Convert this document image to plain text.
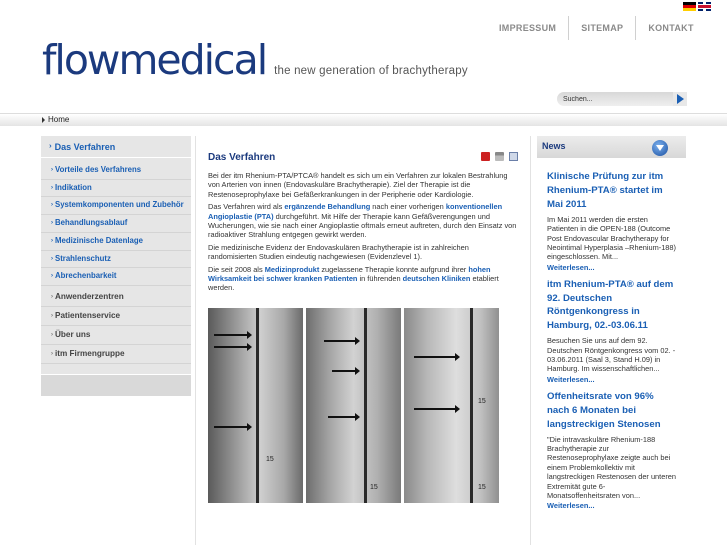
IMPRESSUM	SITEMAP	KONTAKT
flowmedical the new generation of brachytherapy
Suchen...
Home
›› Das Verfahren
Vorteile des Verfahrens
Indikation
Systemkomponenten und Zubehör
Behandlungsablauf
Medizinische Datenlage
Strahlenschutz
Abrechenbarkeit
Anwenderzentren
Patientenservice
Über uns
itm Firmengruppe
Das Verfahren

Bei der itm Rhenium-PTA/PTCA® handelt es sich um ein Verfahren zur lokalen Bestrahlung von Arterien von innen (Endovaskuläre Brachytherapie). Ziel der Therapie ist die Restenoseprophylaxe bei Gefäßerkrankungen in der Peripherie oder Kardiologie.

Das Verfahren wird als ergänzende Behandlung nach einer vorherigen konventionellen Angioplastie (PTA) durchgeführt. Mit Hilfe der Therapie kann Gefäßverengungen und Wucherungen, wie sie nach einer Angioplastie oftmals erneut auftreten, durch den Einsatz von radioaktiver Strahlung entgegen gewirkt werden.

Die medizinische Evidenz der Endovaskulären Brachytherapie ist in zahlreichen randomisierten Studien eindeutig nachgewiesen (Evidenzlevel 1).

Die seit 2008 als Medizinprodukt zugelassene Therapie konnte aufgrund ihrer hohen Wirksamkeit bei schwer kranken Patienten in führenden deutschen Kliniken etabliert werden.

15
15
15
15
News
Klinische Prüfung zur itm Rhenium-PTA® startet im Mai 2011
Im Mai 2011 werden die ersten Patienten in die OPEN-188 (Outcome Post Endovascular Brachytherapy for Neointimal Hyperplasia –Rhenium-188) eingeschlossen. Mit...
Weiterlesen...
itm Rhenium-PTA® auf dem 92. Deutschen Röntgenkongress in Hamburg, 02.-03.06.11
Besuchen Sie uns auf dem 92. Deutschen Röntgenkongress vom 02. - 03.06.2011 (Saal 3, Stand H.09) in Hamburg. Im wissenschaftlichen...
Weiterlesen...
Offenheitsrate von 96% nach 6 Monaten bei langstreckigen Stenosen
"Die intravaskuläre Rhenium-188 Brachytherapie zur Restenoseprophylaxe zeigte auch bei einem Problemkollektiv mit langstreckigen Restenosen der unteren Extremität gute 6-Monatsoffenheitsraten von...
Weiterlesen...
